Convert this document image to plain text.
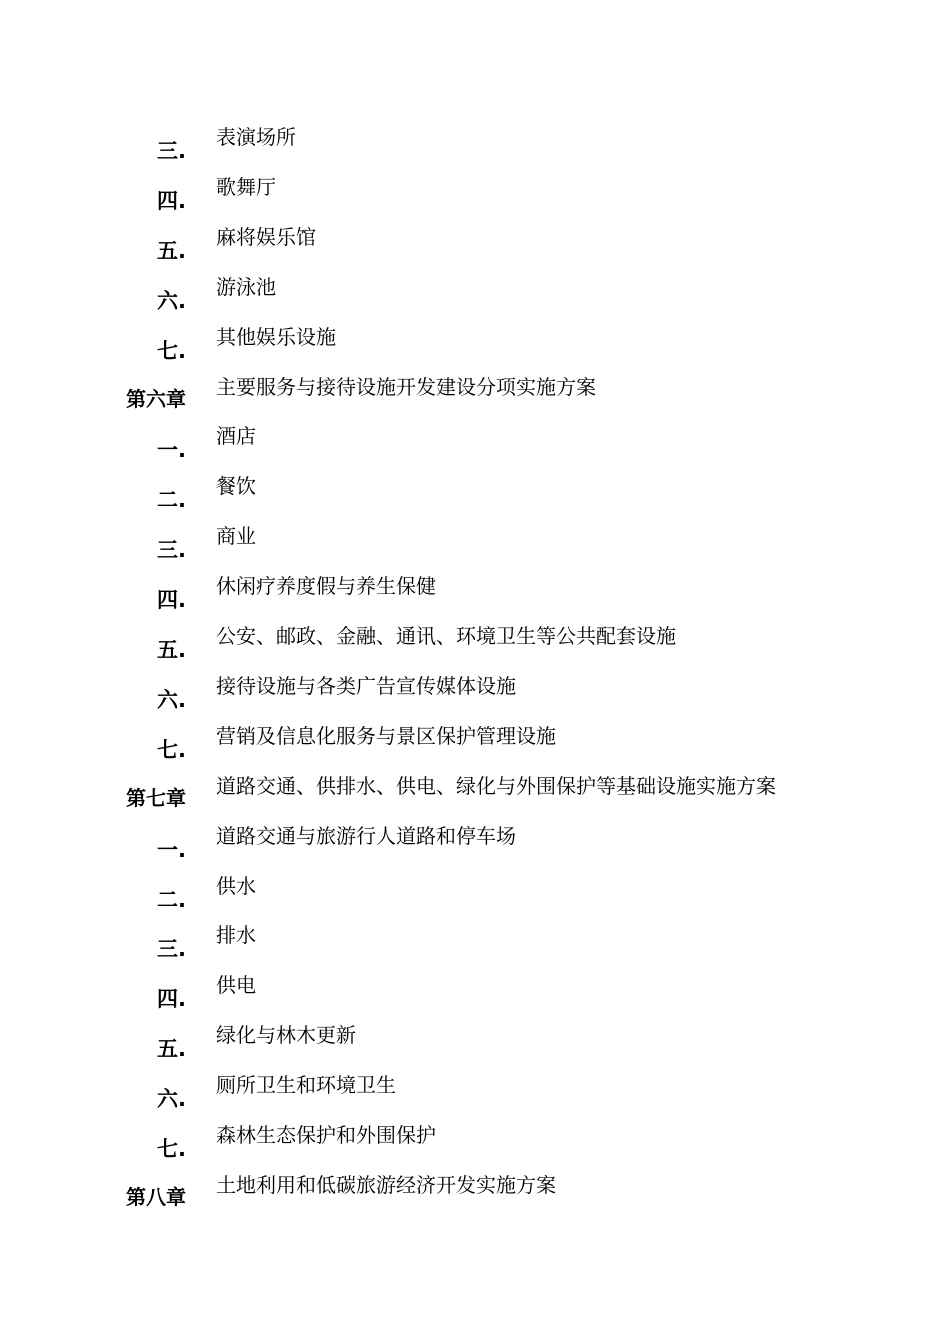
三.
表演场所
四.
歌舞厅
五.
麻将娱乐馆
六.
游泳池
七.
其他娱乐设施
第六章 主要服务与接待设施开发建设分项实施方案
一.
酒店
二.
餐饮
三.
商业
四.
休闲疗养度假与养生保健
五.
公安、邮政、金融、通讯、环境卫生等公共配套设施
六.
接待设施与各类广告宣传媒体设施
七.
营销及信息化服务与景区保护管理设施
第七章 道路交通、供排水、供电、绿化与外围保护等基础设施实施方案
一.
道路交通与旅游行人道路和停车场
二.
供水
三.
排水
四.
供电
五.
绿化与林木更新
六.
厕所卫生和环境卫生
七.
森林生态保护和外围保护
第八章 土地利用和低碳旅游经济开发实施方案
